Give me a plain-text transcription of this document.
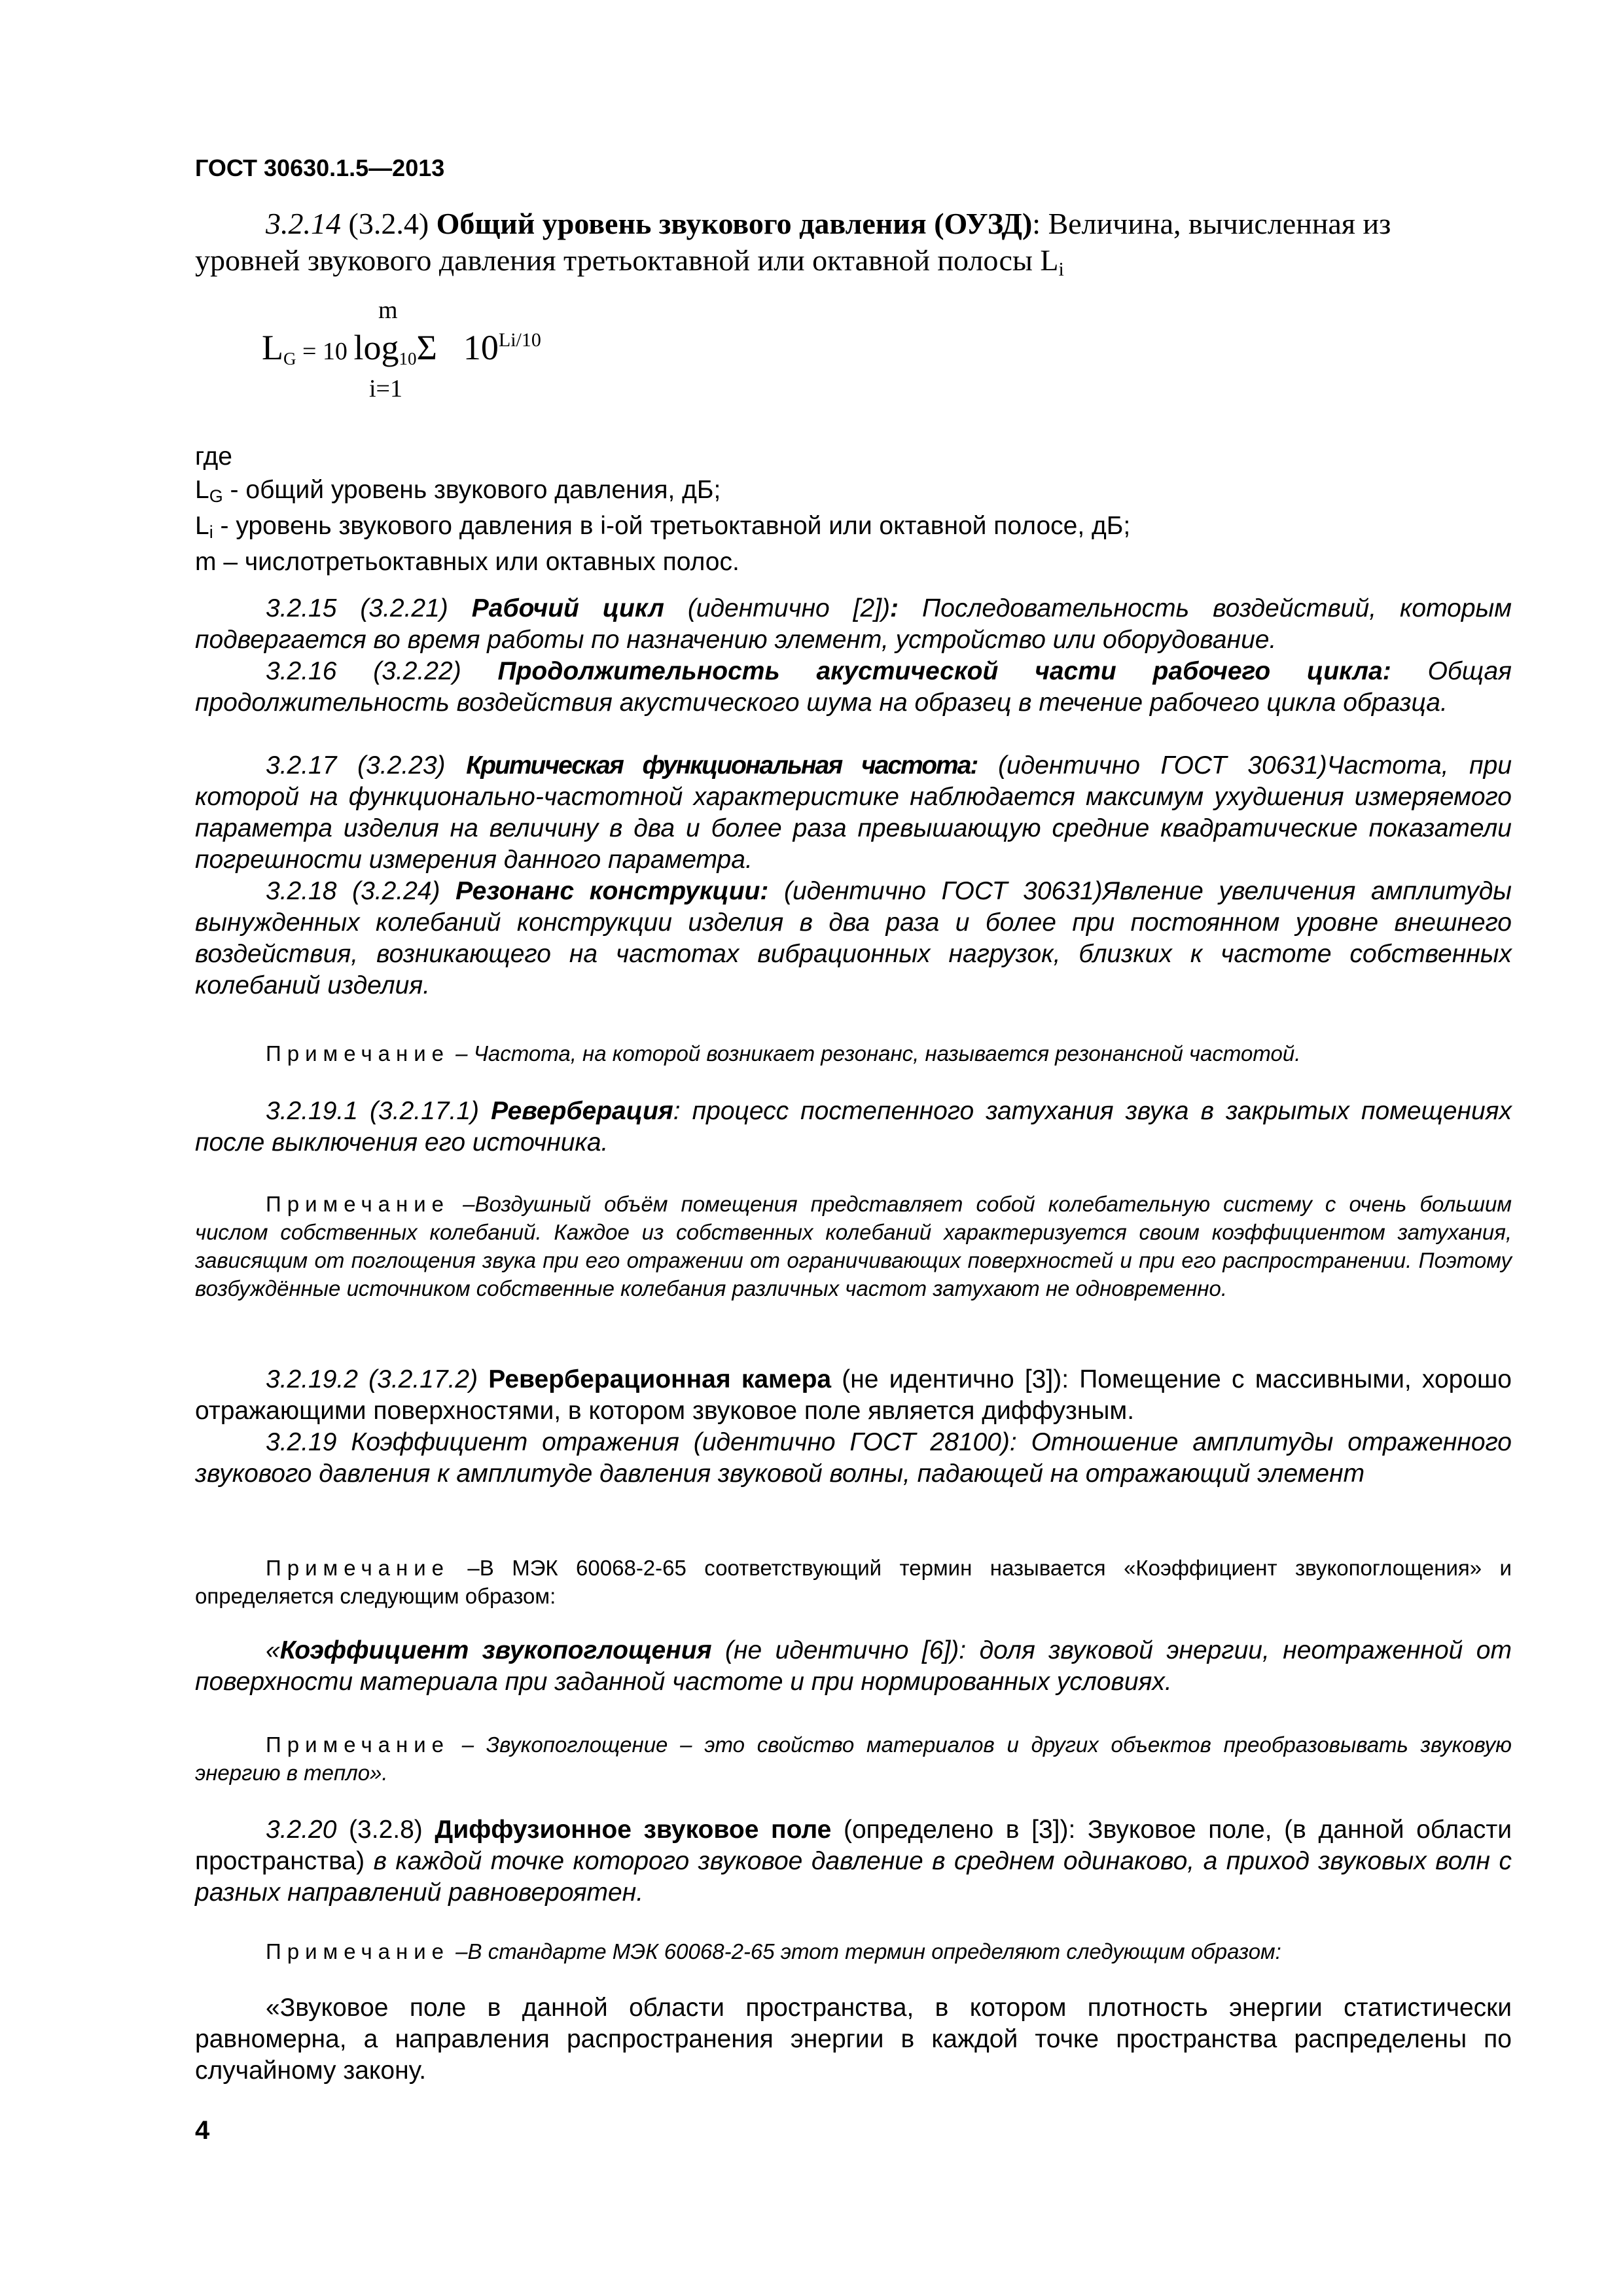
ГОСТ 30630.1.5—2013
3.2.14 (3.2.4) Общий уровень звукового давления (ОУЗД): Величина, вычисленная из
уровней звукового давления третьоктавной или октавной полосы Li
m
LG = 10 log10Σ $10^{Li/10}$
i=1
где
LG - общий уровень звукового давления, дБ;
Li - уровень звукового давления в i-ой третьоктавной или октавной полосе, дБ;
m – числотретьоктавных или октавных полос.
3.2.15 (3.2.21) Рабочий цикл (идентично [2]): Последовательность воздействий, которым подвергается во время работы по назначению элемент, устройство или оборудование.
3.2.16 (3.2.22) Продолжительность акустической части рабочего цикла: Общая продолжительность воздействия акустического шума на образец в течение рабочего цикла образца.
3.2.17 (3.2.23) Критическая функциональная частота: (идентично ГОСТ 30631)Частота, при которой на функционально-частотной характеристике наблюдается максимум ухудшения измеряемого параметра изделия на величину в два и более раза превышающую средние квадратические показатели погрешности измерения данного параметра.
3.2.18 (3.2.24) Резонанс конструкции: (идентично ГОСТ 30631)Явление увеличения амплитуды вынужденных колебаний конструкции изделия в два раза и более при постоянном уровне внешнего воздействия, возникающего на частотах вибрационных нагрузок, близких к частоте собственных колебаний изделия.
Примечание – Частота, на которой возникает резонанс, называется резонансной частотой.
3.2.19.1 (3.2.17.1) Реверберация: процесс постепенного затухания звука в закрытых помещениях после выключения его источника.
Примечание –Воздушный объём помещения представляет собой колебательную систему с очень большим числом собственных колебаний. Каждое из собственных колебаний характеризуется своим коэффициентом затухания, зависящим от поглощения звука при его отражении от ограничивающих поверхностей и при его распространении. Поэтому возбуждённые источником собственные колебания различных частот затухают не одновременно.
3.2.19.2 (3.2.17.2) Реверберационная камера (не идентично [3]): Помещение с массивными, хорошо отражающими поверхностями, в котором звуковое поле является диффузным.
3.2.19 Коэффициент отражения (идентично ГОСТ 28100): Отношение амплитуды отраженного звукового давления к амплитуде давления звуковой волны, падающей на отражающий элемент
Примечание –В МЭК 60068-2-65 соответствующий термин называется «Коэффициент звукопоглощения» и определяется следующим образом:
«Коэффициент звукопоглощения (не идентично [6]): доля звуковой энергии, неотраженной от поверхности материала при заданной частоте и при нормированных условиях.
Примечание – Звукопоглощение – это свойство материалов и других объектов преобразовывать звуковую энергию в тепло».
3.2.20 (3.2.8) Диффузионное звуковое поле (определено в [3]): Звуковое поле, (в данной области пространства) в каждой точке которого звуковое давление в среднем одинаково, а приход звуковых волн с разных направлений равновероятен.
Примечание –В стандарте МЭК 60068-2-65 этот термин определяют следующим образом:
«Звуковое поле в данной области пространства, в котором плотность энергии статистически равномерна, а направления распространения энергии в каждой точке пространства распределены по случайному закону.
4
